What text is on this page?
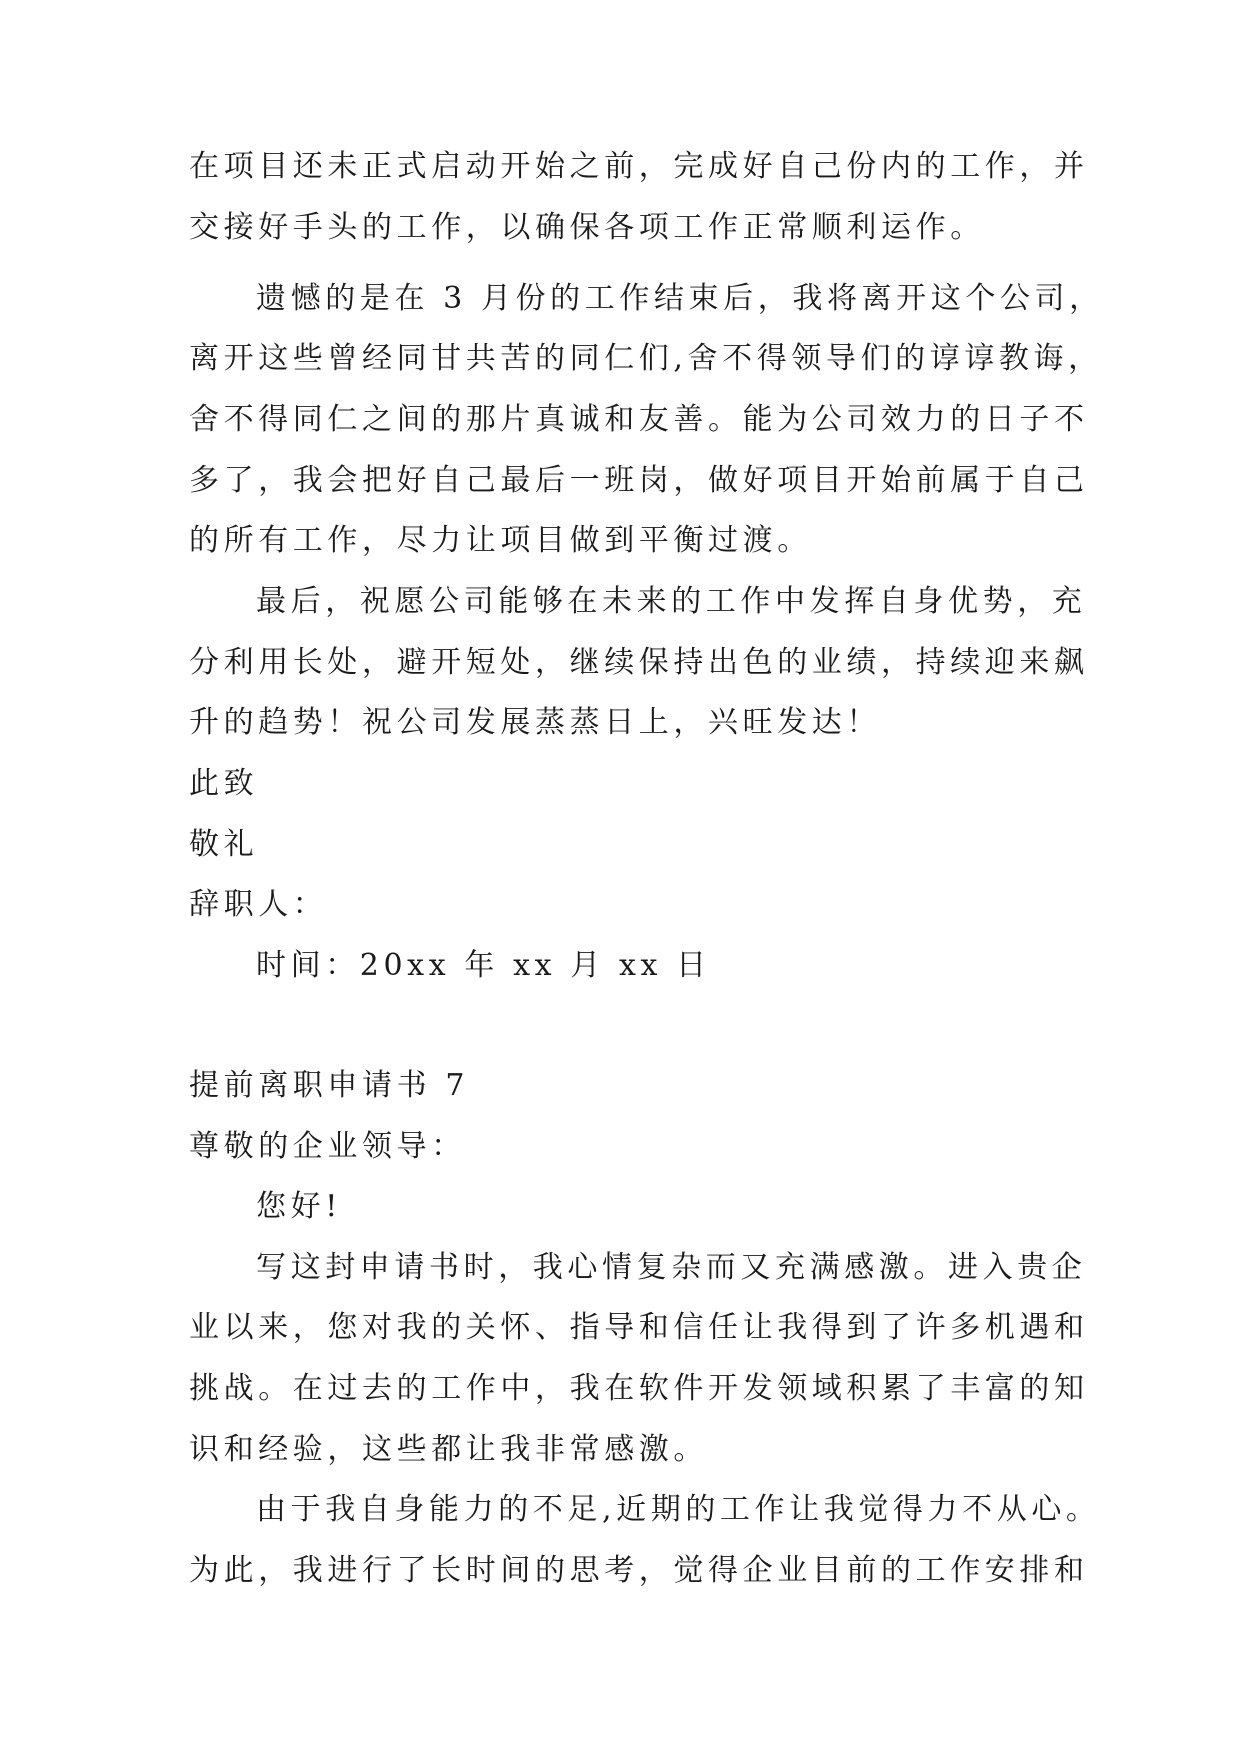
在项目还未正式启动开始之前，完成好自己份内的工作，并
交接好手头的工作，以确保各项工作正常顺利运作。
遗憾的是在 3 月份的工作结束后，我将离开这个公司，
离开这些曾经同甘共苦的同仁们,舍不得领导们的谆谆教诲，
舍不得同仁之间的那片真诚和友善。能为公司效力的日子不
多了，我会把好自己最后一班岗，做好项目开始前属于自己
的所有工作，尽力让项目做到平衡过渡。
最后，祝愿公司能够在未来的工作中发挥自身优势，充
分利用长处，避开短处，继续保持出色的业绩，持续迎来飙
升的趋势！祝公司发展蒸蒸日上，兴旺发达！
此致
敬礼
辞职人：
时间：20xx 年 xx 月 xx 日
提前离职申请书 7
尊敬的企业领导：
您好!
写这封申请书时，我心情复杂而又充满感激。进入贵企
业以来，您对我的关怀、指导和信任让我得到了许多机遇和
挑战。在过去的工作中，我在软件开发领域积累了丰富的知
识和经验，这些都让我非常感激。
由于我自身能力的不足,近期的工作让我觉得力不从心。
为此，我进行了长时间的思考，觉得企业目前的工作安排和
